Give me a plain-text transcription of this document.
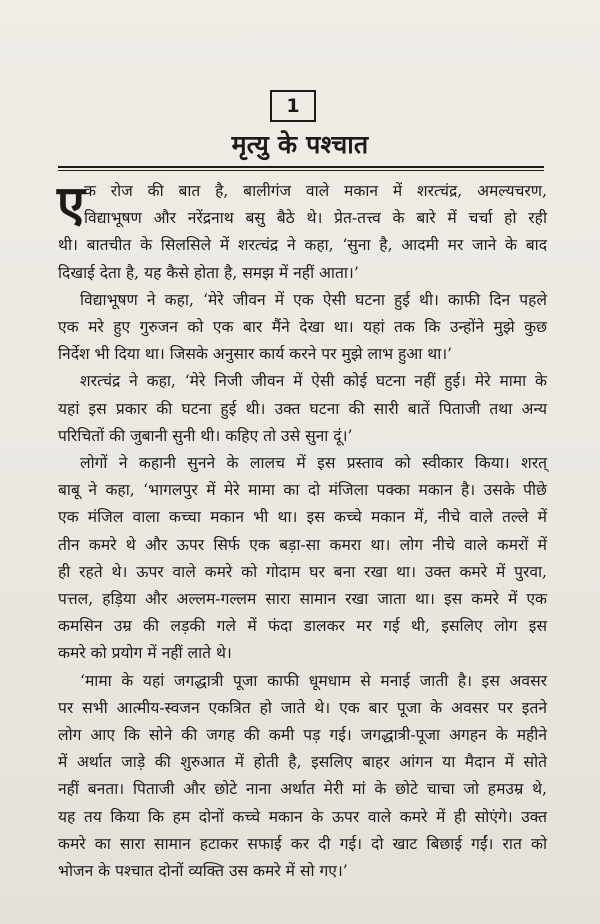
1
मृत्यु के पश्चात

ए क रोज की बात है, बालीगंज वाले मकान में शरत्चंद्र, अमल्यचरण,
विद्याभूषण और नरेंद्रनाथ बसु बैठे थे। प्रेत-तत्त्व के बारे में चर्चा हो रही
थी। बातचीत के सिलसिले में शरत्चंद्र ने कहा, ‘सुना है, आदमी मर जाने के बाद
दिखाई देता है, यह कैसे होता है, समझ में नहीं आता।’

विद्याभूषण ने कहा, ‘मेरे जीवन में एक ऐसी घटना हुई थी। काफी दिन पहले
एक मरे हुए गुरुजन को एक बार मैंने देखा था। यहां तक कि उन्होंने मुझे कुछ
निर्देश भी दिया था। जिसके अनुसार कार्य करने पर मुझे लाभ हुआ था।’

शरत्चंद्र ने कहा, ‘मेरे निजी जीवन में ऐसी कोई घटना नहीं हुई। मेरे मामा के
यहां इस प्रकार की घटना हुई थी। उक्त घटना की सारी बातें पिताजी तथा अन्य
परिचितों की जुबानी सुनी थी। कहिए तो उसे सुना दूं।’

लोगों ने कहानी सुनने के लालच में इस प्रस्ताव को स्वीकार किया। शरत्
बाबू ने कहा, ‘भागलपुर में मेरे मामा का दो मंजिला पक्का मकान है। उसके पीछे
एक मंजिल वाला कच्चा मकान भी था। इस कच्चे मकान में, नीचे वाले तल्ले में
तीन कमरे थे और ऊपर सिर्फ एक बड़ा-सा कमरा था। लोग नीचे वाले कमरों में
ही रहते थे। ऊपर वाले कमरे को गोदाम घर बना रखा था। उक्त कमरे में पुरवा,
पत्तल, हड़िया और अल्लम-गल्लम सारा सामान रखा जाता था। इस कमरे में एक
कमसिन उम्र की लड़की गले में फंदा डालकर मर गई थी, इसलिए लोग इस
कमरे को प्रयोग में नहीं लाते थे।

‘मामा के यहां जगद्धात्री पूजा काफी धूमधाम से मनाई जाती है। इस अवसर
पर सभी आत्मीय-स्वजन एकत्रित हो जाते थे। एक बार पूजा के अवसर पर इतने
लोग आए कि सोने की जगह की कमी पड़ गई। जगद्धात्री-पूजा अगहन के महीने
में अर्थात जाड़े की शुरुआत में होती है, इसलिए बाहर आंगन या मैदान में सोते
नहीं बनता। पिताजी और छोटे नाना अर्थात मेरी मां के छोटे चाचा जो हमउम्र थे,
यह तय किया कि हम दोनों कच्चे मकान के ऊपर वाले कमरे में ही सोएंगे। उक्त
कमरे का सारा सामान हटाकर सफाई कर दी गई। दो खाट बिछाई गईं। रात को
भोजन के पश्चात दोनों व्यक्ति उस कमरे में सो गए।’
